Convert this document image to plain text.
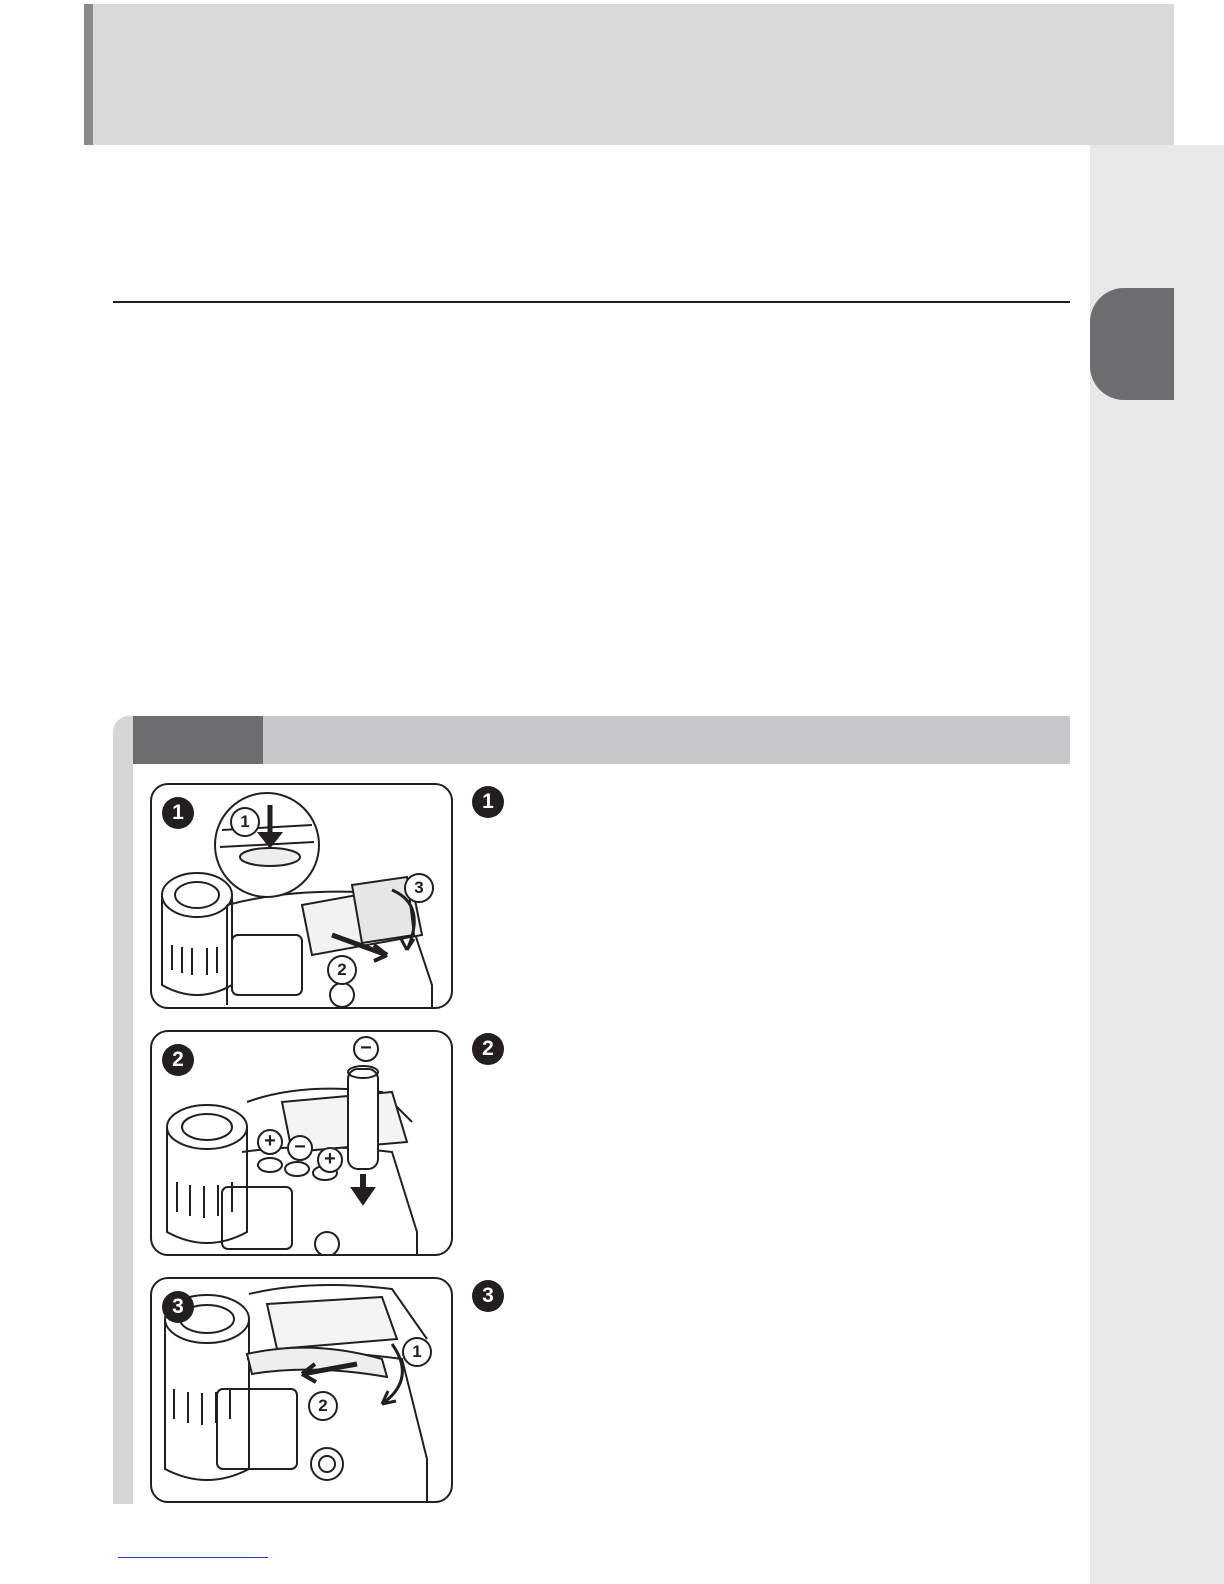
1	1
2
3
1
2
+ −
+
−	2
3
1
2
3
